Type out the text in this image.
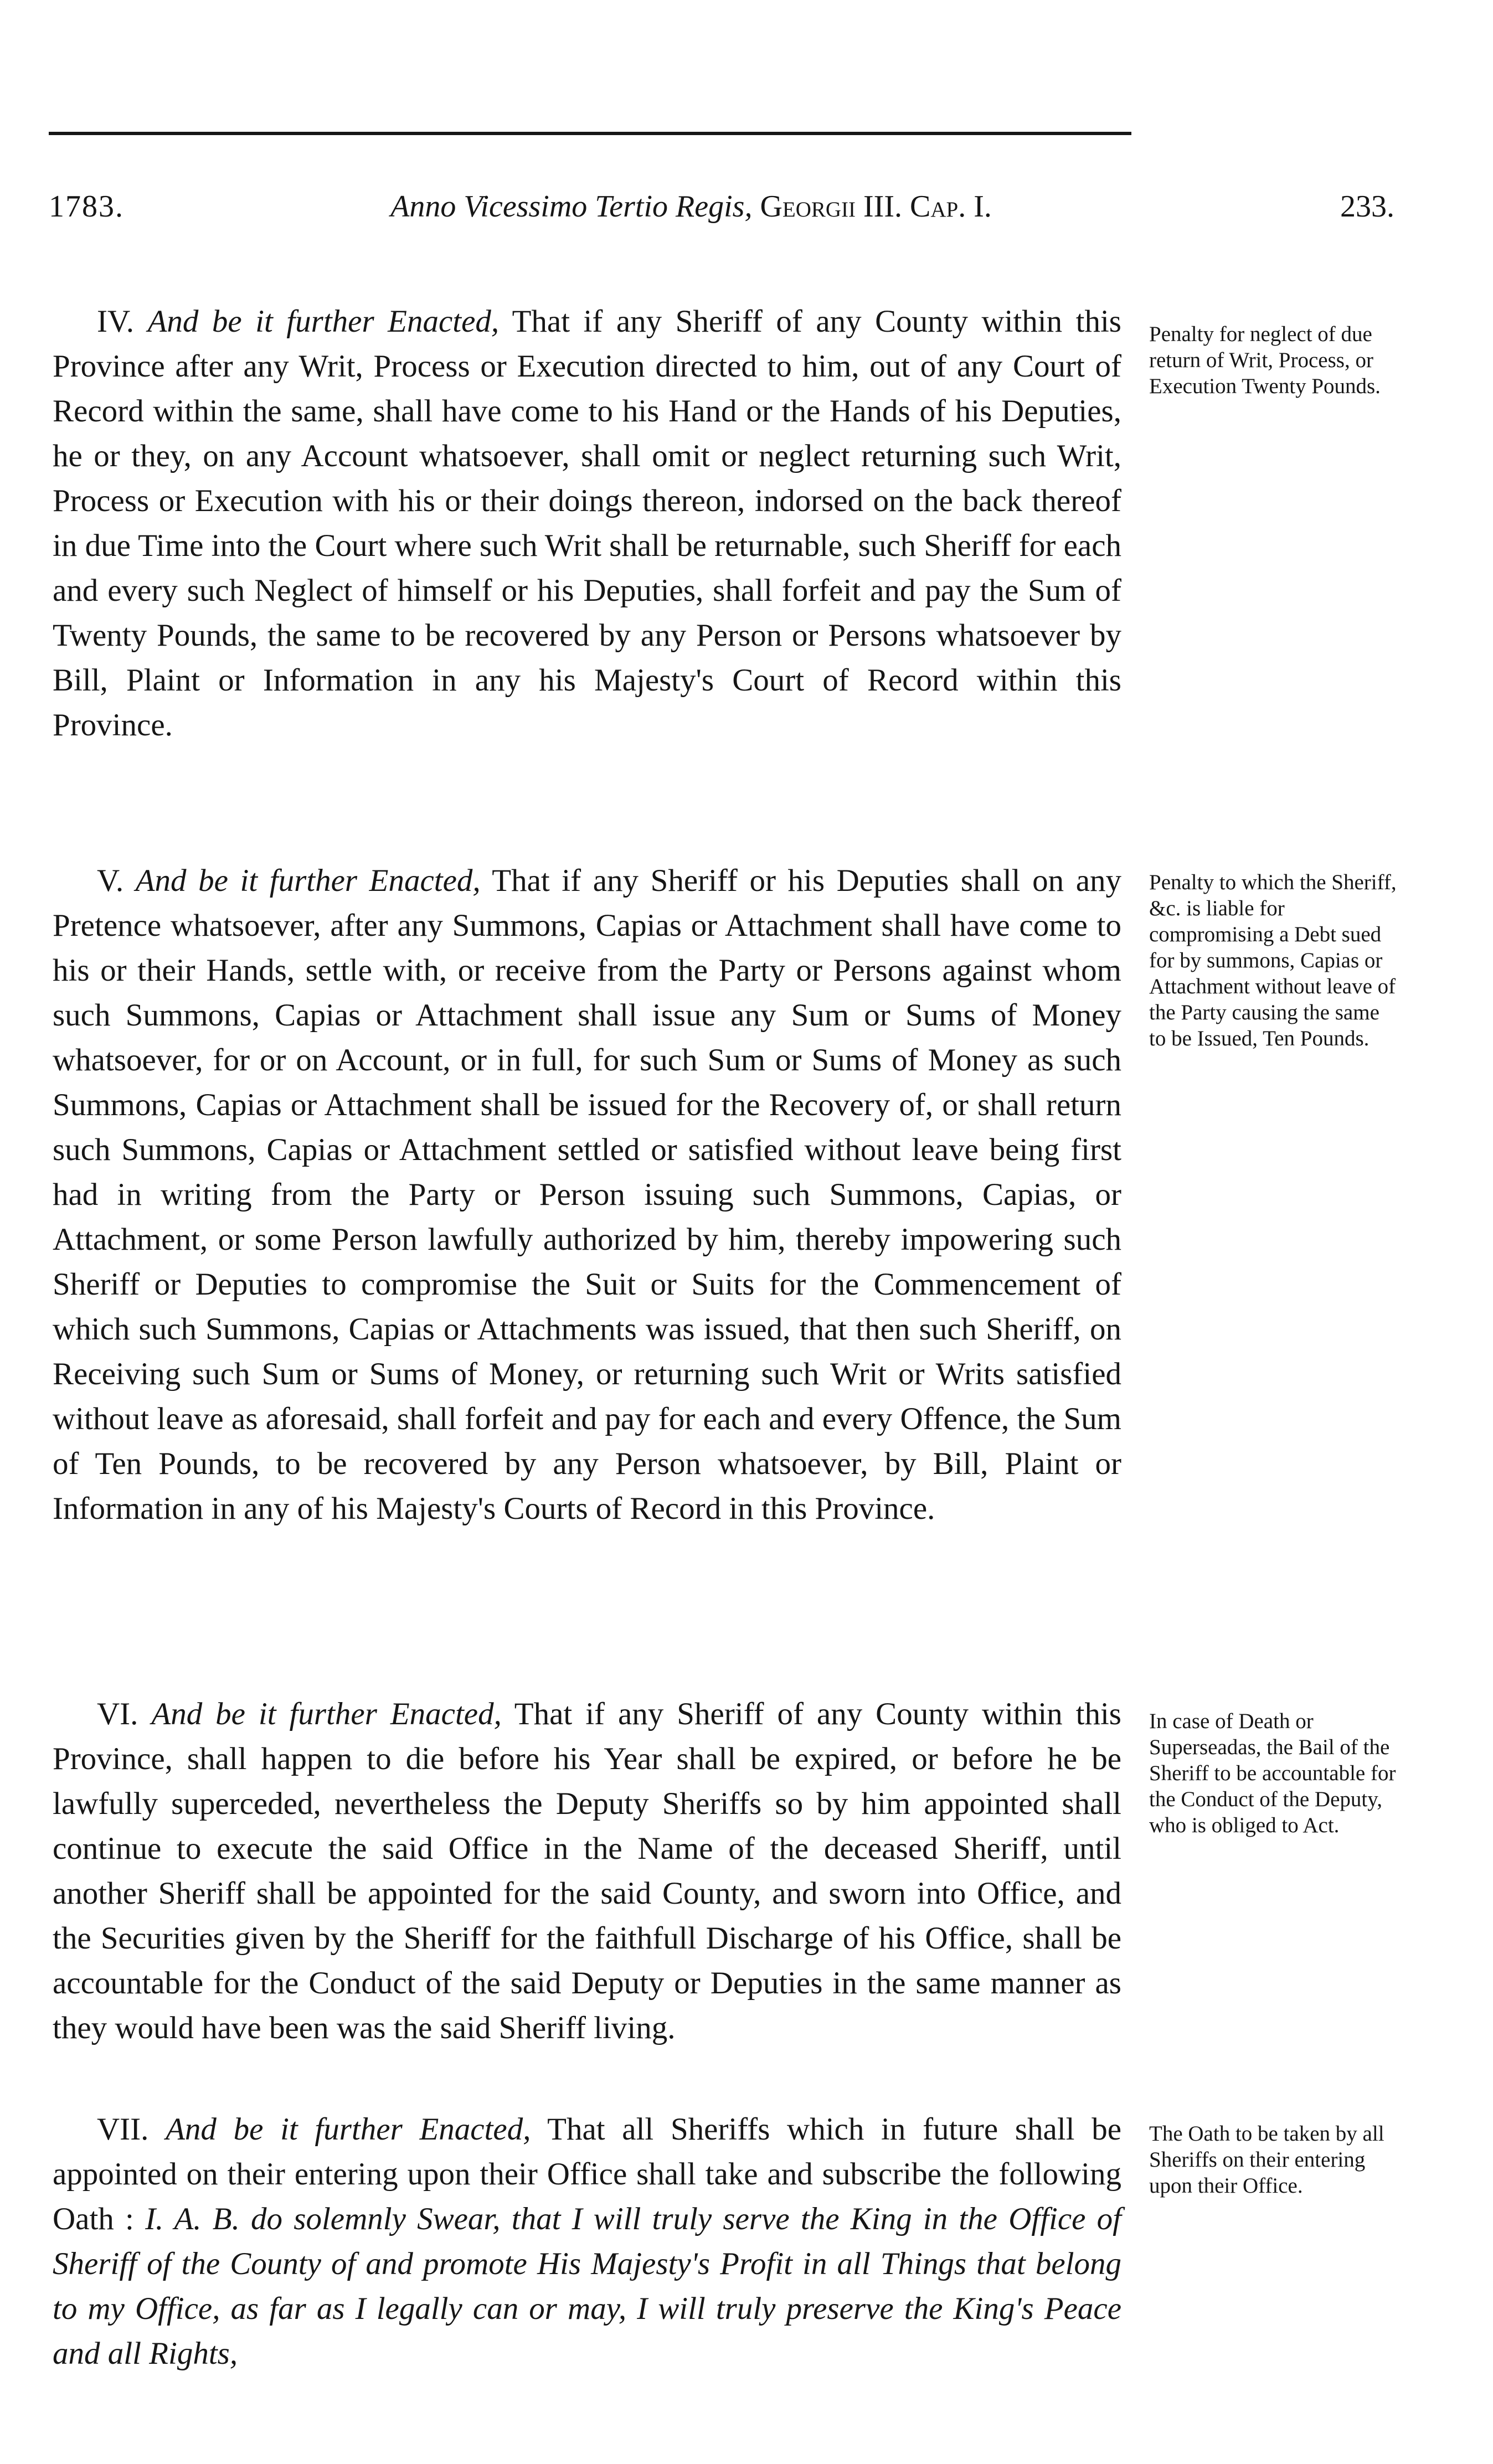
1783.	Anno Vicessimo Tertio Regis, Georgii III. Cap. I.	233.

IV. And be it further Enacted, That if any Sheriff of any County within this Province after any Writ, Process or Execution directed to him, out of any Court of Record within the same, shall have come to his Hand or the Hands of his Deputies, he or they, on any Account whatsoever, shall omit or neglect returning such Writ, Process or Execution with his or their doings thereon, indorsed on the back thereof in due Time into the Court where such Writ shall be returnable, such Sheriff for each and every such Neglect of himself or his Deputies, shall forfeit and pay the Sum of Twenty Pounds, the same to be recovered by any Person or Persons whatsoever by Bill, Plaint or Information in any his Majesty's Court of Record within this Province.

Penalty for neglect of due return of Writ, Process, or Execution Twenty Pounds.

V. And be it further Enacted, That if any Sheriff or his Deputies shall on any Pretence whatsoever, after any Summons, Capias or Attachment shall have come to his or their Hands, settle with, or receive from the Party or Persons against whom such Summons, Capias or Attachment shall issue any Sum or Sums of Money whatsoever, for or on Account, or in full, for such Sum or Sums of Money as such Summons, Capias or Attachment shall be issued for the Recovery of, or shall return such Summons, Capias or Attachment settled or satisfied without leave being first had in writing from the Party or Person issuing such Summons, Capias, or Attachment, or some Person lawfully authorized by him, thereby impowering such Sheriff or Deputies to compromise the Suit or Suits for the Commencement of which such Summons, Capias or Attachments was issued, that then such Sheriff, on Receiving such Sum or Sums of Money, or returning such Writ or Writs satisfied without leave as aforesaid, shall forfeit and pay for each and every Offence, the Sum of Ten Pounds, to be recovered by any Person whatsoever, by Bill, Plaint or Information in any of his Majesty's Courts of Record in this Province.

Penalty to which the Sheriff, &c. is liable for compromising a Debt sued for by summons, Capias or Attachment without leave of the Party causing the same to be Issued, Ten Pounds.

VI. And be it further Enacted, That if any Sheriff of any County within this Province, shall happen to die before his Year shall be expired, or before he be lawfully superceded, nevertheless the Deputy Sheriffs so by him appointed shall continue to execute the said Office in the Name of the deceased Sheriff, until another Sheriff shall be appointed for the said County, and sworn into Office, and the Securities given by the Sheriff for the faithfull Discharge of his Office, shall be accountable for the Conduct of the said Deputy or Deputies in the same manner as they would have been was the said Sheriff living.

In case of Death or Superseadas, the Bail of the Sheriff to be accountable for the Conduct of the Deputy, who is obliged to Act.

VII. And be it further Enacted, That all Sheriffs which in future shall be appointed on their entering upon their Office shall take and subscribe the following Oath : I. A. B. do solemnly Swear, that I will truly serve the King in the Office of Sheriff of the County of and promote His Majesty's Profit in all Things that belong to my Office, as far as I legally can or may, I will truly preserve the King's Peace and all Rights,

The Oath to be taken by all Sheriffs on their entering upon their Office.
